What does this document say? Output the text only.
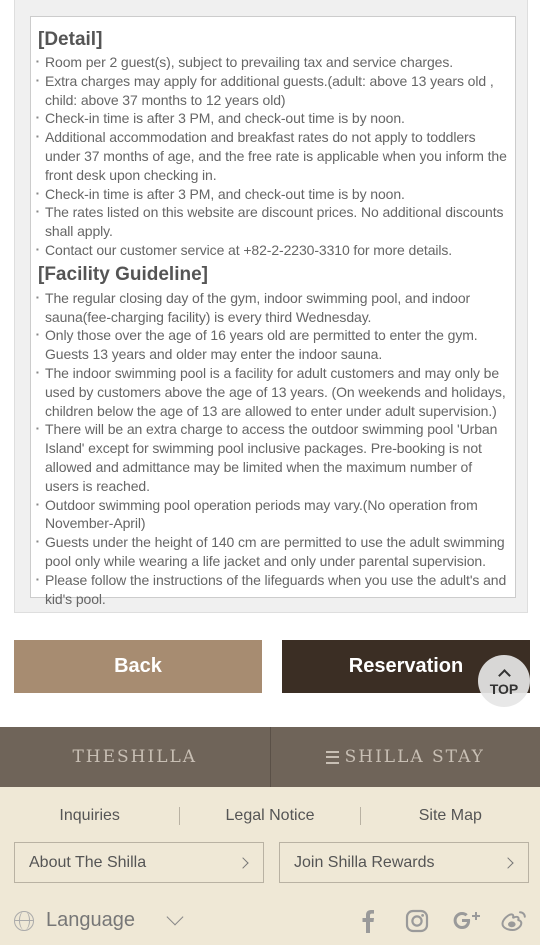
[Detail]
▪ Room per 2 guest(s), subject to prevailing tax and service charges.
▪ Extra charges may apply for additional guests.(adult: above 13 years old , child: above 37 months to 12 years old)
▪ Check-in time is after 3 PM, and check-out time is by noon.
▪ Additional accommodation and breakfast rates do not apply to toddlers under 37 months of age, and the free rate is applicable when you inform the front desk upon checking in.
▪ Check-in time is after 3 PM, and check-out time is by noon.
▪ The rates listed on this website are discount prices. No additional discounts shall apply.
▪ Contact our customer service at +82-2-2230-3310 for more details.
[Facility Guideline]
▪ The regular closing day of the gym, indoor swimming pool, and indoor sauna(fee-charging facility) is every third Wednesday.
▪ Only those over the age of 16 years old are permitted to enter the gym. Guests 13 years and older may enter the indoor sauna.
▪ The indoor swimming pool is a facility for adult customers and may only be used by customers above the age of 13 years. (On weekends and holidays, children below the age of 13 are allowed to enter under adult supervision.)
▪ There will be an extra charge to access the outdoor swimming pool 'Urban Island' except for swimming pool inclusive packages. Pre-booking is not allowed and admittance may be limited when the maximum number of users is reached.
▪ Outdoor swimming pool operation periods may vary.(No operation from November-April)
▪ Guests under the height of 140 cm are permitted to use the adult swimming pool only while wearing a life jacket and only under parental supervision.
▪ Please follow the instructions of the lifeguards when you use the adult's and kid's pool.
Back	Reservation
TOP
THESHILLA	SHILLA STAY
Inquiries	Legal Notice	Site Map
About The Shilla	Join Shilla Rewards
Language
